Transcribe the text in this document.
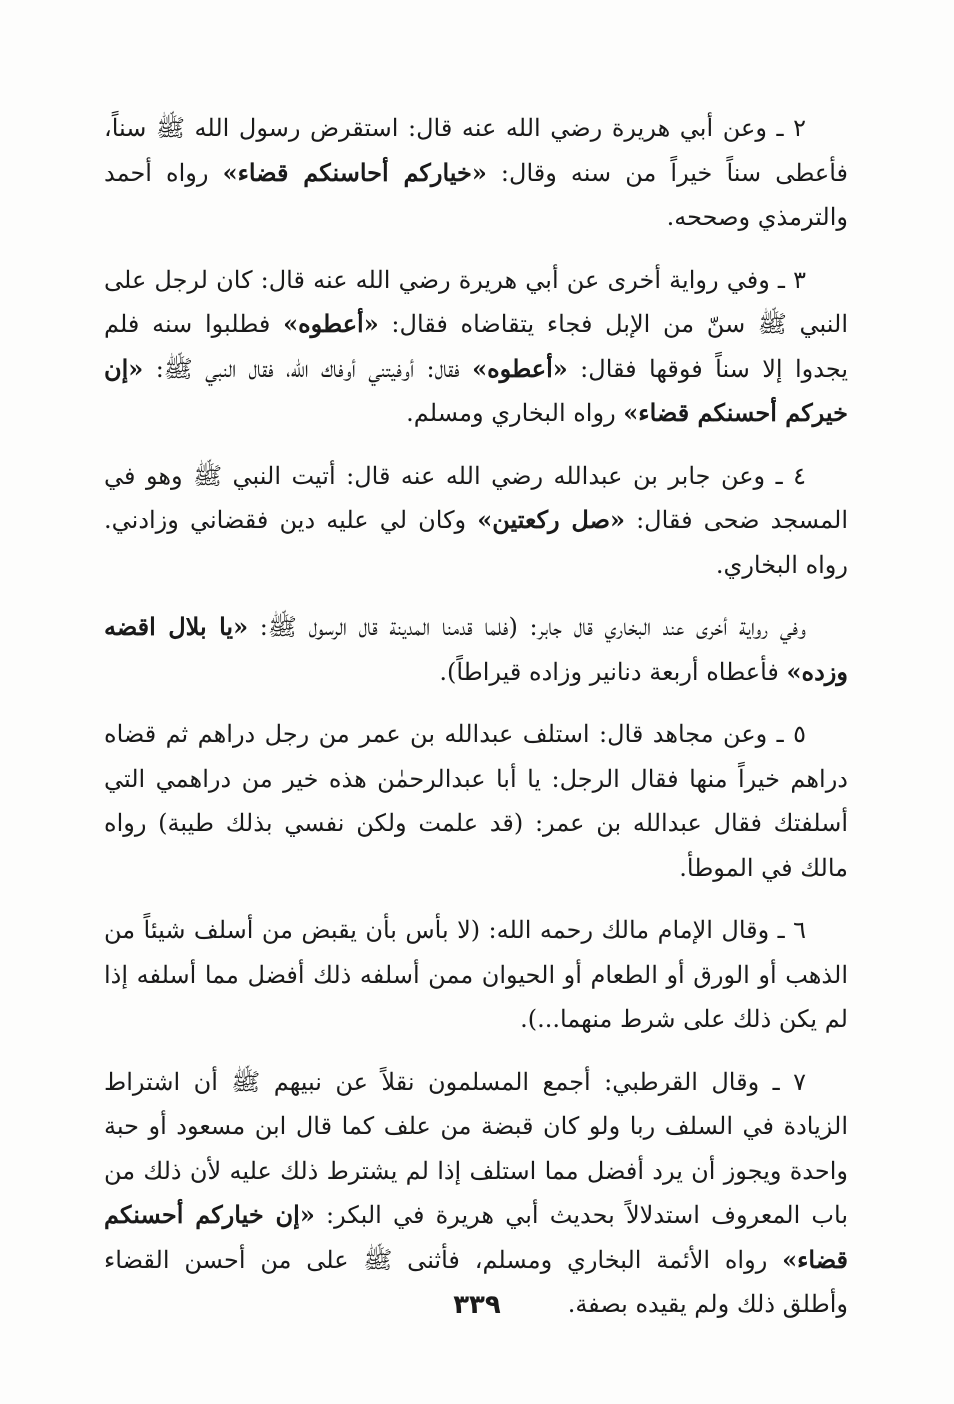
٢ ـ وعن أبي هريرة رضي الله عنه قال: استقرض رسول الله ﷺ سناً، فأعطى سناً خيراً من سنه وقال: «خياركم أحاسنكم قضاء» رواه أحمد والترمذي وصححه.

٣ ـ وفي رواية أخرى عن أبي هريرة رضي الله عنه قال: كان لرجل على النبي ﷺ سنّ من الإبل فجاء يتقاضاه فقال: «أعطوه» فطلبوا سنه فلم يجدوا إلا سناً فوقها فقال: «أعطوه» فقال: أوفيتني أوفاك الله، فقال النبي ﷺ: «إن خيركم أحسنكم قضاء» رواه البخاري ومسلم.

٤ ـ وعن جابر بن عبدالله رضي الله عنه قال: أتيت النبي ﷺ وهو في المسجد ضحى فقال: «صل ركعتين» وكان لي عليه دين فقضاني وزادني. رواه البخاري.

وفي رواية أخرى عند البخاري قال جابر: (فلما قدمنا المدينة قال الرسول ﷺ: «يا بلال اقضه وزده» فأعطاه أربعة دنانير وزاده قيراطاً).

٥ ـ وعن مجاهد قال: استلف عبدالله بن عمر من رجل دراهم ثم قضاه دراهم خيراً منها فقال الرجل: يا أبا عبدالرحمٰن هذه خير من دراهمي التي أسلفتك فقال عبدالله بن عمر: (قد علمت ولكن نفسي بذلك طيبة) رواه مالك في الموطأ.

٦ ـ وقال الإمام مالك رحمه الله: (لا بأس بأن يقبض من أسلف شيئاً من الذهب أو الورق أو الطعام أو الحيوان ممن أسلفه ذلك أفضل مما أسلفه إذا لم يكن ذلك على شرط منهما...).

٧ ـ وقال القرطبي: أجمع المسلمون نقلاً عن نبيهم ﷺ أن اشتراط الزيادة في السلف ربا ولو كان قبضة من علف كما قال ابن مسعود أو حبة واحدة ويجوز أن يرد أفضل مما استلف إذا لم يشترط ذلك عليه لأن ذلك من باب المعروف استدلالاً بحديث أبي هريرة في البكر: «إن خياركم أحسنكم قضاء» رواه الأئمة البخاري ومسلم، فأثنى ﷺ على من أحسن القضاء وأطلق ذلك ولم يقيده بصفة.

٣٣٩
